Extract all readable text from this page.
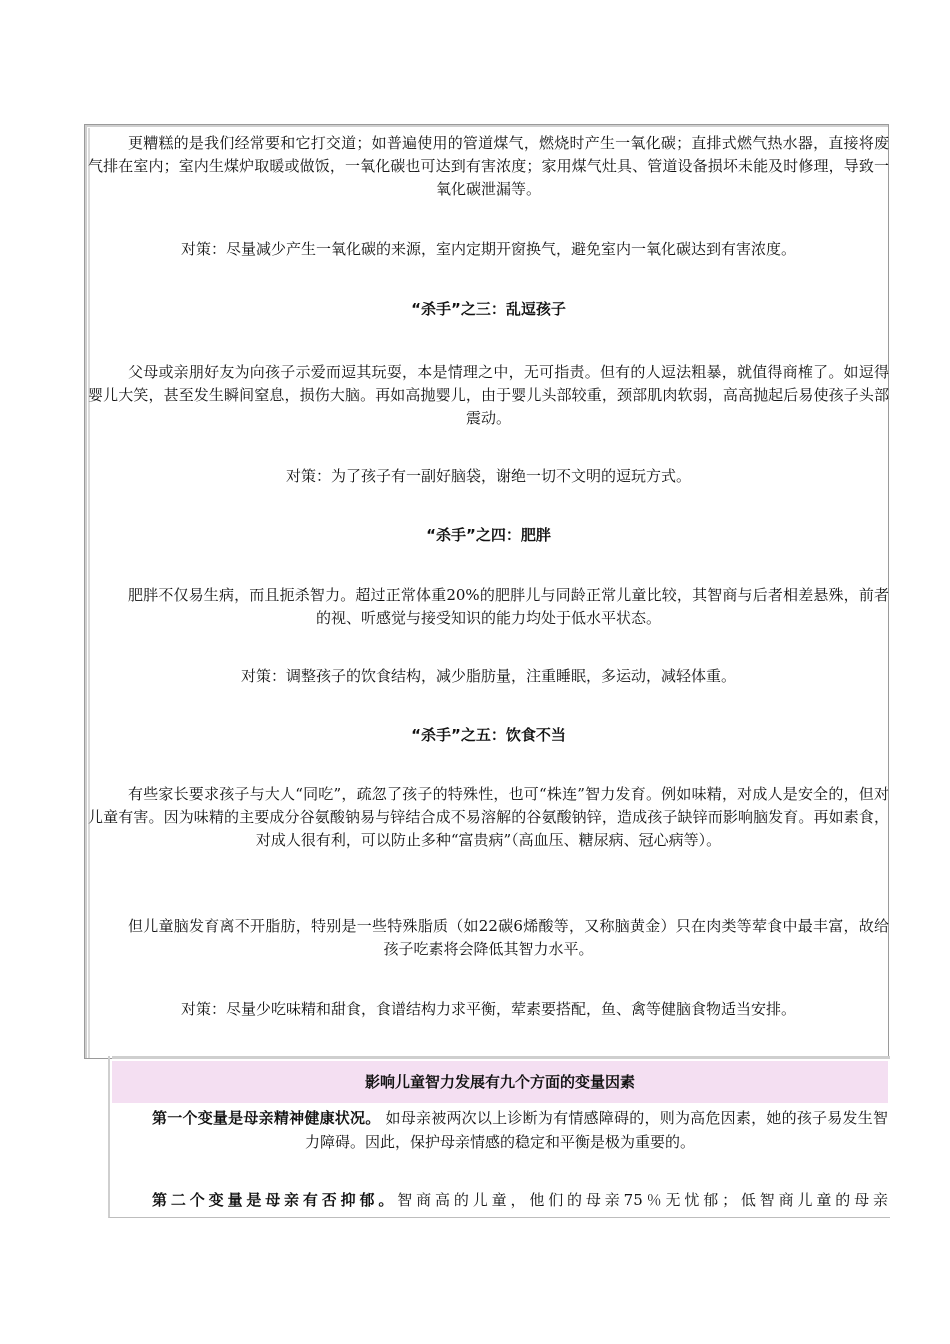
更糟糕的是我们经常要和它打交道；如普遍使用的管道煤气，燃烧时产生一氧化碳；直排式燃气热水器，直接将废气排在室内；室内生煤炉取暖或做饭，一氧化碳也可达到有害浓度；家用煤气灶具、管道设备损坏未能及时修理，导致一氧化碳泄漏等。

对策：尽量减少产生一氧化碳的来源，室内定期开窗换气，避免室内一氧化碳达到有害浓度。

“杀手”之三：乱逗孩子

父母或亲朋好友为向孩子示爱而逗其玩耍，本是情理之中，无可指责。但有的人逗法粗暴，就值得商榷了。如逗得婴儿大笑，甚至发生瞬间窒息，损伤大脑。再如高抛婴儿，由于婴儿头部较重，颈部肌肉软弱，高高抛起后易使孩子头部震动。

对策：为了孩子有一副好脑袋，谢绝一切不文明的逗玩方式。

“杀手”之四：肥胖

肥胖不仅易生病，而且扼杀智力。超过正常体重20%的肥胖儿与同龄正常儿童比较，其智商与后者相差悬殊，前者的视、听感觉与接受知识的能力均处于低水平状态。

对策：调整孩子的饮食结构，减少脂肪量，注重睡眠，多运动，减轻体重。

“杀手”之五：饮食不当

有些家长要求孩子与大人“同吃”，疏忽了孩子的特殊性，也可“株连”智力发育。例如味精，对成人是安全的，但对儿童有害。因为味精的主要成分谷氨酸钠易与锌结合成不易溶解的谷氨酸钠锌，造成孩子缺锌而影响脑发育。再如素食，对成人很有利，可以防止多种“富贵病”（高血压、糖尿病、冠心病等）。

但儿童脑发育离不开脂肪，特别是一些特殊脂质（如22碳6烯酸等，又称脑黄金）只在肉类等荤食中最丰富，故给孩子吃素将会降低其智力水平。

对策：尽量少吃味精和甜食，食谱结构力求平衡，荤素要搭配，鱼、禽等健脑食物适当安排。

影响儿童智力发展有九个方面的变量因素

第一个变量是母亲精神健康状况。 如母亲被两次以上诊断为有情感障碍的，则为高危因素，她的孩子易发生智力障碍。因此，保护母亲情感的稳定和平衡是极为重要的。

第二个变量是母亲有否抑郁。智商高的儿童，他们的母亲75％无忧郁；低智商儿童的母亲
